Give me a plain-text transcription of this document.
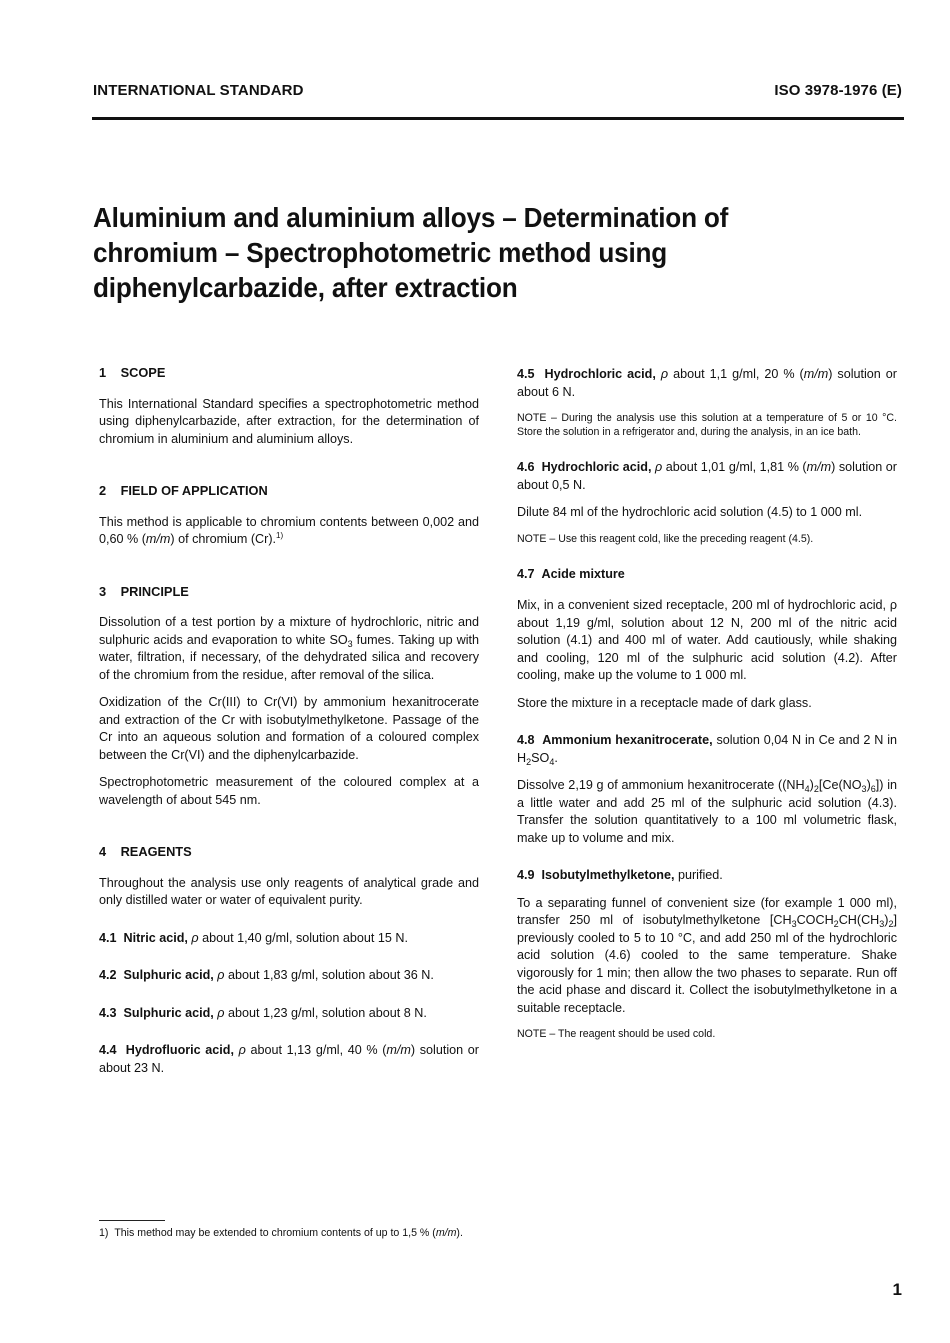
INTERNATIONAL STANDARD	ISO 3978-1976 (E)
Aluminium and aluminium alloys – Determination of
chromium – Spectrophotometric method using
diphenylcarbazide, after extraction
1 SCOPE

This International Standard specifies a spectrophotometric method using diphenylcarbazide, after extraction, for the determination of chromium in aluminium and aluminium alloys.

2 FIELD OF APPLICATION

This method is applicable to chromium contents between 0,002 and 0,60 % (m/m) of chromium (Cr).$^{1)}$

3 PRINCIPLE

Dissolution of a test portion by a mixture of hydrochloric, nitric and sulphuric acids and evaporation to white $SO_3$ fumes. Taking up with water, filtration, if necessary, of the dehydrated silica and recovery of the chromium from the residue, after removal of the silica.

Oxidization of the Cr(III) to Cr(VI) by ammonium hexanitrocerate and extraction of the Cr with isobutylmethylketone. Passage of the Cr into an aqueous solution and formation of a coloured complex between the Cr(VI) and the diphenylcarbazide.

Spectrophotometric measurement of the coloured complex at a wavelength of about 545 nm.

4 REAGENTS

Throughout the analysis use only reagents of analytical grade and only distilled water or water of equivalent purity.

4.1 Nitric acid, ρ about 1,40 g/ml, solution about 15 N.

4.2 Sulphuric acid, ρ about 1,83 g/ml, solution about 36 N.

4.3 Sulphuric acid, ρ about 1,23 g/ml, solution about 8 N.

4.4 Hydrofluoric acid, ρ about 1,13 g/ml, 40 % (m/m) solution or about 23 N.

4.5 Hydrochloric acid, ρ about 1,1 g/ml, 20 % (m/m) solution or about 6 N.

NOTE – During the analysis use this solution at a temperature of 5 or 10 °C. Store the solution in a refrigerator and, during the analysis, in an ice bath.

4.6 Hydrochloric acid, ρ about 1,01 g/ml, 1,81 % (m/m) solution or about 0,5 N.

Dilute 84 ml of the hydrochloric acid solution (4.5) to 1 000 ml.

NOTE – Use this reagent cold, like the preceding reagent (4.5).

4.7 Acide mixture

Mix, in a convenient sized receptacle, 200 ml of hydrochloric acid, ρ about 1,19 g/ml, solution about 12 N, 200 ml of the nitric acid solution (4.1) and 400 ml of water. Add cautiously, while shaking and cooling, 120 ml of the sulphuric acid solution (4.2). After cooling, make up the volume to 1 000 ml.

Store the mixture in a receptacle made of dark glass.

4.8 Ammonium hexanitrocerate, solution 0,04 N in Ce and 2 N in $H_2SO_4$.

Dissolve 2,19 g of ammonium hexanitrocerate $((NH_4)_2[Ce(NO_3)_6])$ in a little water and add 25 ml of the sulphuric acid solution (4.3). Transfer the solution quantitatively to a 100 ml volumetric flask, make up to volume and mix.

4.9 Isobutylmethylketone, purified.

To a separating funnel of convenient size (for example 1 000 ml), transfer 250 ml of isobutylmethylketone $[CH_3COCH_2CH(CH_3)_2]$ previously cooled to 5 to 10 °C, and add 250 ml of the hydrochloric acid solution (4.6) cooled to the same temperature. Shake vigorously for 1 min; then allow the two phases to separate. Run off the acid phase and discard it. Collect the isobutylmethylketone in a suitable receptacle.

NOTE – The reagent should be used cold.
1) This method may be extended to chromium contents of up to 1,5 % (m/m).
1
